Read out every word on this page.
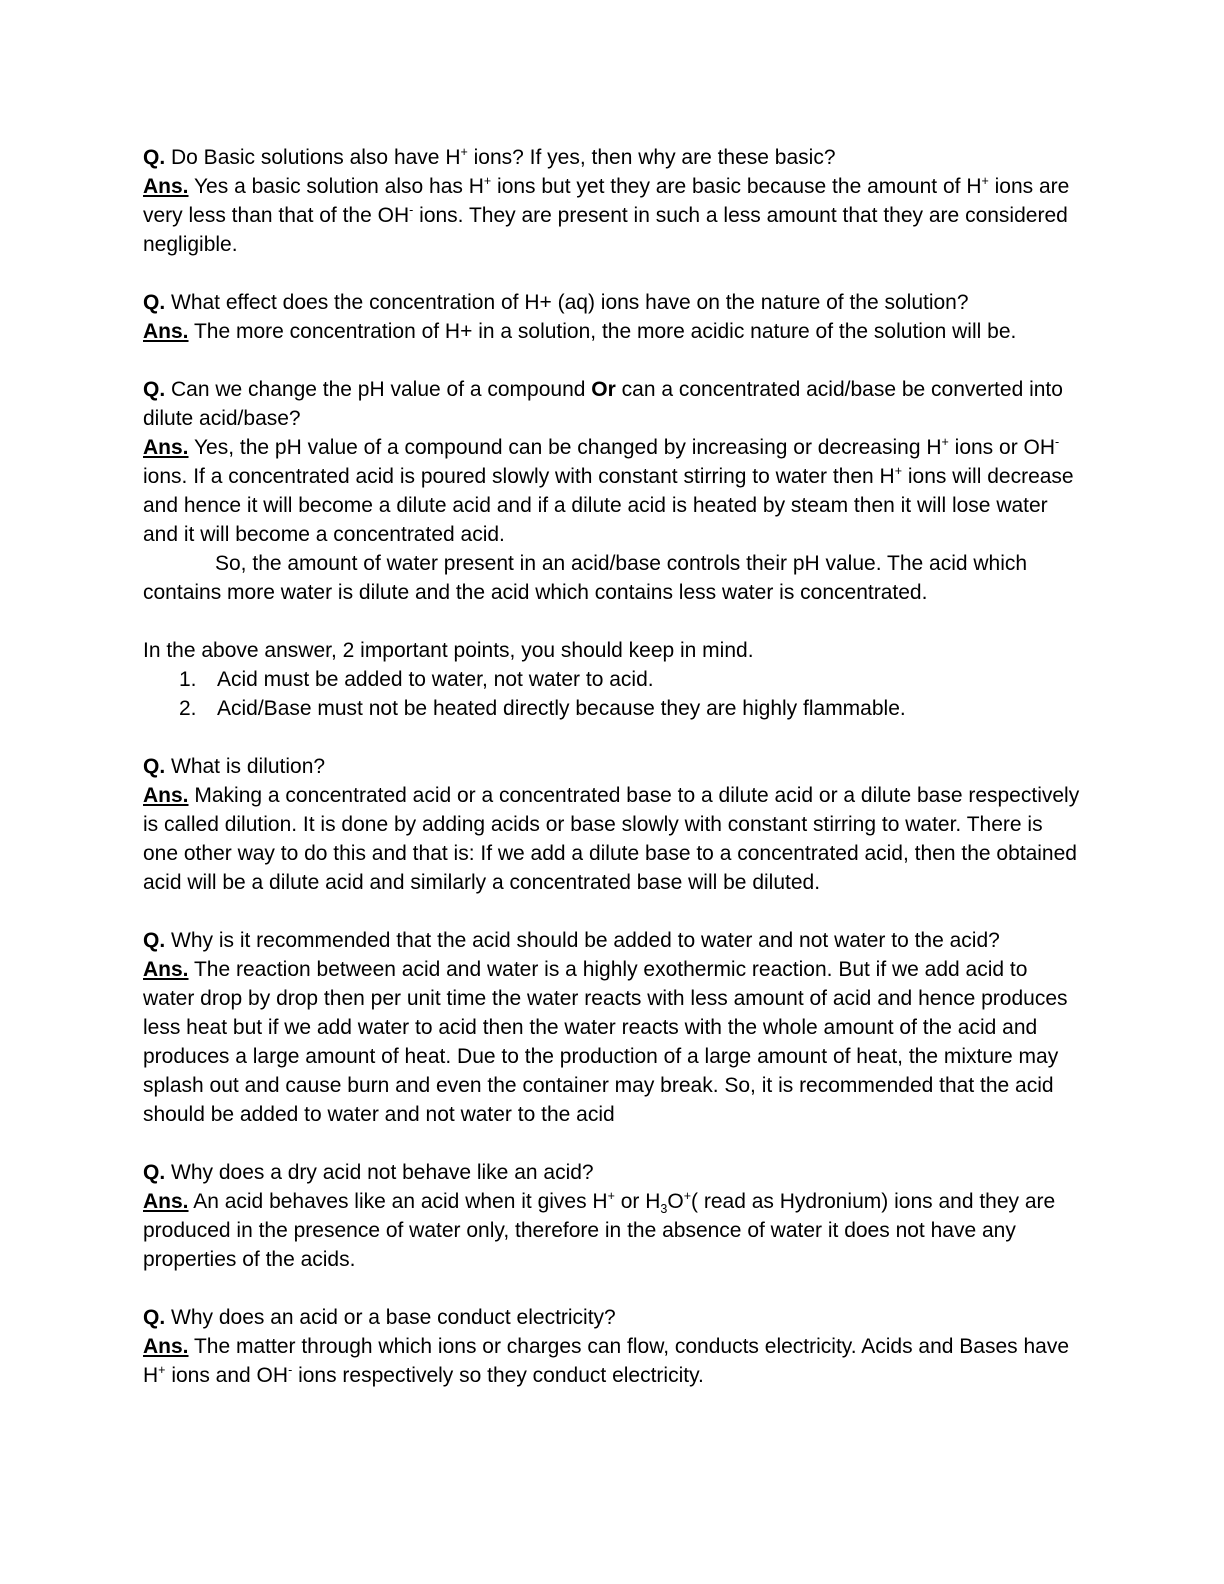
Q. Do Basic solutions also have H+ ions? If yes, then why are these basic?

Ans. Yes a basic solution also has H+ ions but yet they are basic because the amount of H+ ions are very less than that of the OH- ions. They are present in such a less amount that they are considered negligible.

Q. What effect does the concentration of H+ (aq) ions have on the nature of the solution?

Ans. The more concentration of H+ in a solution, the more acidic nature of the solution will be.

Q. Can we change the pH value of a compound Or can a concentrated acid/base be converted into dilute acid/base?

Ans. Yes, the pH value of a compound can be changed by increasing or decreasing H+ ions or OH- ions. If a concentrated acid is poured slowly with constant stirring to water then H+ ions will decrease and hence it will become a dilute acid and if a dilute acid is heated by steam then it will lose water and it will become a concentrated acid.

So, the amount of water present in an acid/base controls their pH value. The acid which contains more water is dilute and the acid which contains less water is concentrated.

In the above answer, 2 important points, you should keep in mind.

1. Acid must be added to water, not water to acid.

2. Acid/Base must not be heated directly because they are highly flammable.

Q. What is dilution?

Ans. Making a concentrated acid or a concentrated base to a dilute acid or a dilute base respectively is called dilution. It is done by adding acids or base slowly with constant stirring to water. There is one other way to do this and that is: If we add a dilute base to a concentrated acid, then the obtained acid will be a dilute acid and similarly a concentrated base will be diluted.

Q. Why is it recommended that the acid should be added to water and not water to the acid?

Ans. The reaction between acid and water is a highly exothermic reaction. But if we add acid to water drop by drop then per unit time the water reacts with less amount of acid and hence produces less heat but if we add water to acid then the water reacts with the whole amount of the acid and produces a large amount of heat. Due to the production of a large amount of heat, the mixture may splash out and cause burn and even the container may break. So, it is recommended that the acid should be added to water and not water to the acid

Q. Why does a dry acid not behave like an acid?

Ans. An acid behaves like an acid when it gives H+ or $H_3O^+$( read as Hydronium) ions and they are produced in the presence of water only, therefore in the absence of water it does not have any properties of the acids.

Q. Why does an acid or a base conduct electricity?

Ans. The matter through which ions or charges can flow, conducts electricity. Acids and Bases have H+ ions and OH- ions respectively so they conduct electricity.
